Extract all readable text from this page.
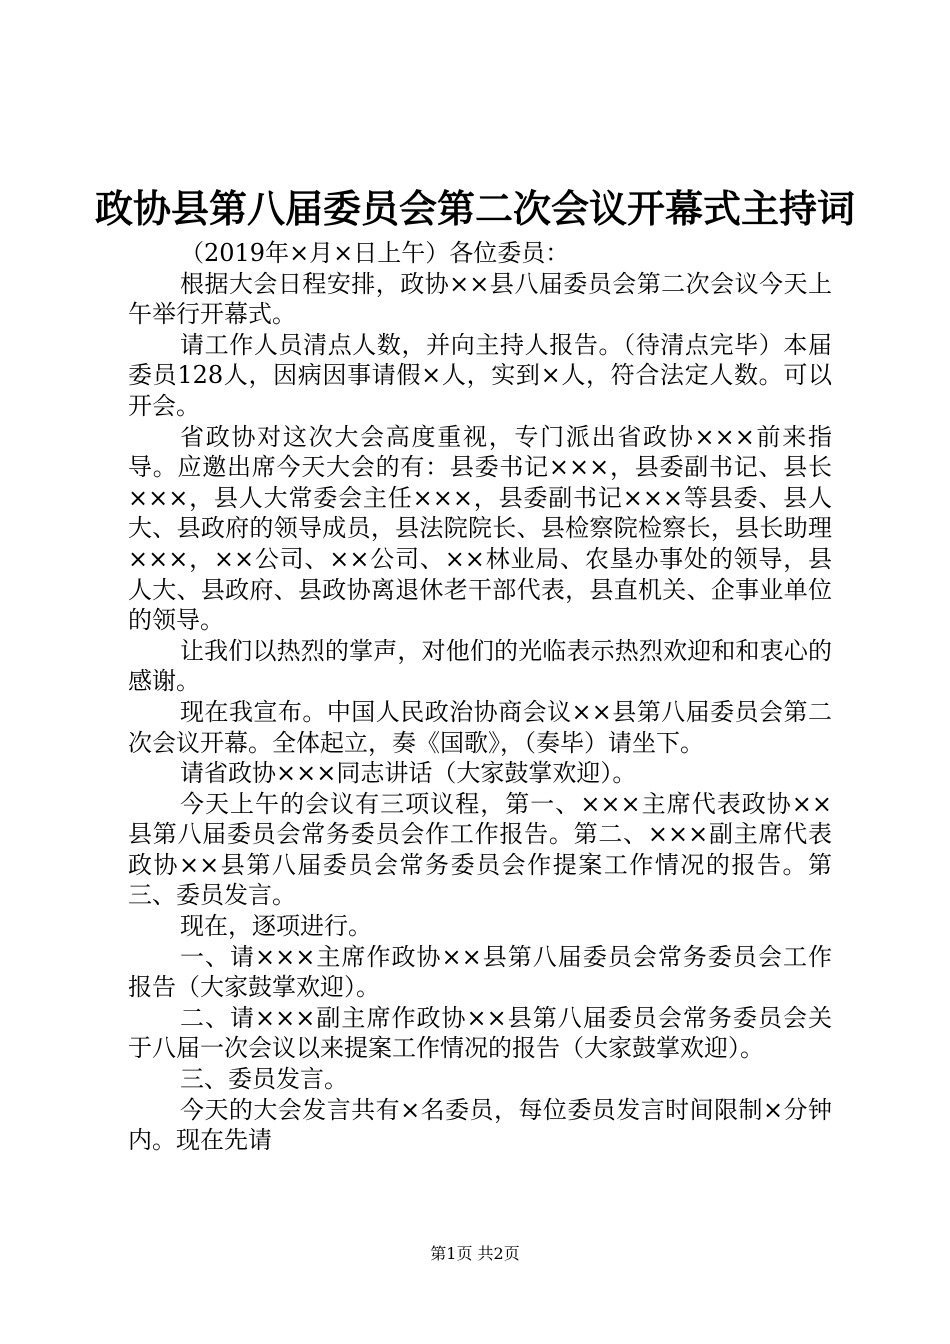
政协县第八届委员会第二次会议开幕式主持词

（2019年×月×日上午）各位委员：

根据大会日程安排，政协××县八届委员会第二次会议今天上午举行开幕式。

请工作人员清点人数，并向主持人报告。（待清点完毕）本届委员128人，因病因事请假×人，实到×人，符合法定人数。可以开会。

省政协对这次大会高度重视，专门派出省政协×××前来指导。应邀出席今天大会的有：县委书记×××，县委副书记、县长×××，县人大常委会主任×××，县委副书记×××等县委、县人大、县政府的领导成员，县法院院长、县检察院检察长，县长助理×××，××公司、××公司、××林业局、农垦办事处的领导，县人大、县政府、县政协离退休老干部代表，县直机关、企事业单位的领导。

让我们以热烈的掌声，对他们的光临表示热烈欢迎和和衷心的感谢。

现在我宣布。中国人民政治协商会议××县第八届委员会第二次会议开幕。全体起立，奏《国歌》，（奏毕）请坐下。

请省政协×××同志讲话（大家鼓掌欢迎）。

今天上午的会议有三项议程，第一、×××主席代表政协××县第八届委员会常务委员会作工作报告。第二、×××副主席代表政协××县第八届委员会常务委员会作提案工作情况的报告。第三、委员发言。

现在，逐项进行。

一、请×××主席作政协××县第八届委员会常务委员会工作报告（大家鼓掌欢迎）。

二、请×××副主席作政协××县第八届委员会常务委员会关于八届一次会议以来提案工作情况的报告（大家鼓掌欢迎）。

三、委员发言。

今天的大会发言共有×名委员，每位委员发言时间限制×分钟内。现在先请

第1页 共2页
